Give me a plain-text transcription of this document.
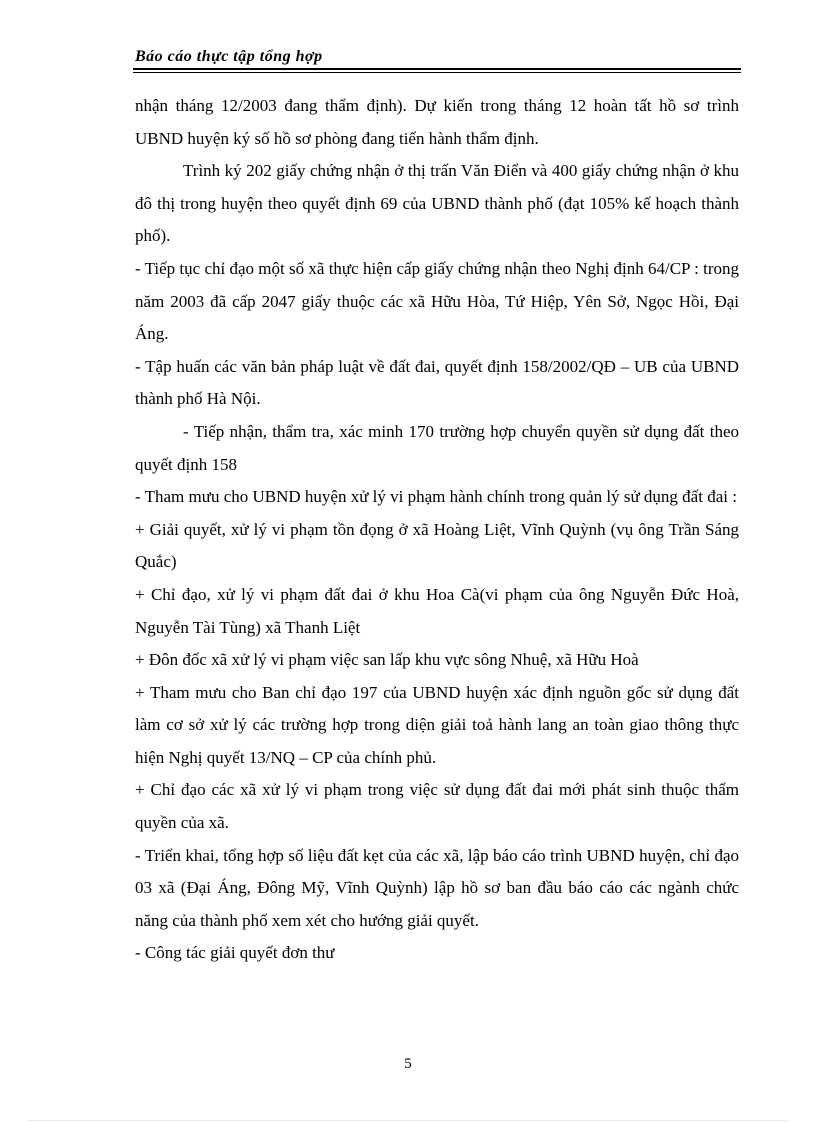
Báo cáo thực tập tổng hợp

nhận tháng 12/2003 đang thẩm định). Dự kiến trong tháng 12 hoàn tất hồ sơ trình UBND huyện ký số hồ sơ phòng đang tiến hành thẩm định.

Trình ký 202 giấy chứng nhận ở thị trấn Văn Điển và 400 giấy chứng nhận ở khu đô thị trong huyện theo quyết định 69 của UBND thành phố (đạt 105% kế hoạch thành phố).

- Tiếp tục chỉ đạo một số xã thực hiện cấp giấy chứng nhận theo Nghị định 64/CP : trong năm 2003 đã cấp 2047 giấy thuộc các xã Hữu Hòa, Tứ Hiệp, Yên Sở, Ngọc Hồi, Đại Áng.

- Tập huấn các văn bản pháp luật về đất đai, quyết định 158/2002/QĐ – UB của UBND thành phố Hà Nội.

- Tiếp nhận, thẩm tra, xác minh 170 trường hợp chuyển quyền sử dụng đất theo quyết định 158

- Tham mưu cho UBND huyện xử lý vi phạm hành chính trong quản lý sử dụng đất đai :

+ Giải quyết, xử lý vi phạm tồn đọng ở xã Hoàng Liệt, Vĩnh Quỳnh (vụ ông Trần Sáng Quắc)

+ Chỉ đạo, xử lý vi phạm đất đai ở khu Hoa Cà(vi phạm của ông Nguyễn Đức Hoà, Nguyễn Tài Tùng) xã Thanh Liệt

+ Đôn đốc xã xử lý vi phạm việc san lấp khu vực sông Nhuệ, xã Hữu Hoà

+ Tham mưu cho Ban chỉ đạo 197 của UBND huyện xác định nguồn gốc sử dụng đất làm cơ sở xử lý các trường hợp trong diện giải toả hành lang an toàn giao thông thực hiện Nghị quyết 13/NQ – CP của chính phủ.

+ Chỉ đạo các xã xử lý vi phạm trong việc sử dụng đất đai mới phát sinh thuộc thẩm quyền của xã.

- Triển khai, tổng hợp số liệu đất kẹt của các xã, lập báo cáo trình UBND huyện, chỉ đạo 03 xã (Đại Áng, Đông Mỹ, Vĩnh Quỳnh) lập hồ sơ ban đầu báo cáo các ngành chức năng của thành phố xem xét cho hướng giải quyết.

- Công tác giải quyết đơn thư

5
